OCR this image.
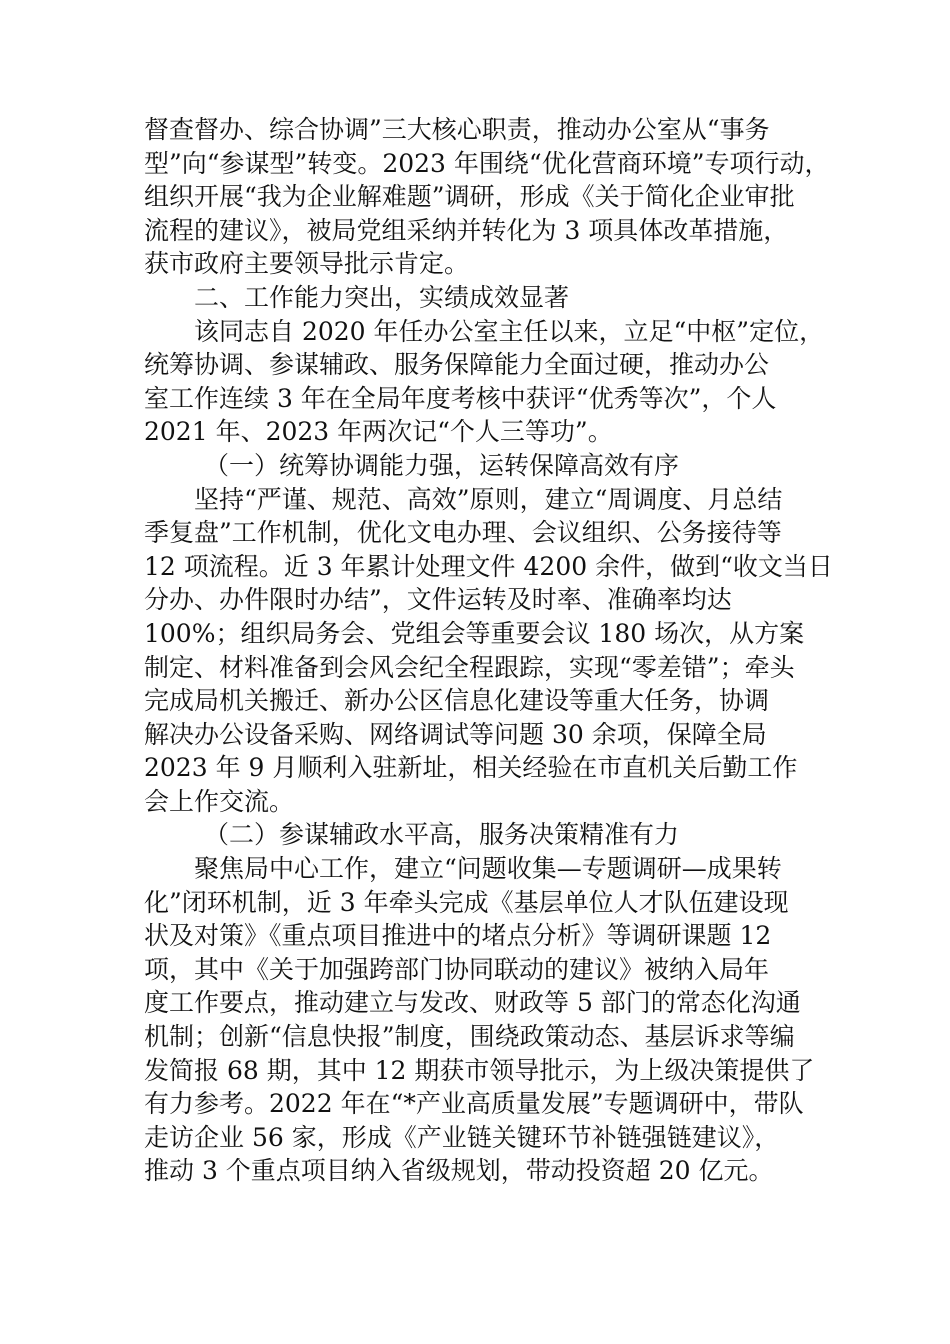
督查督办、综合协调”三大核心职责，推动办公室从“事务
型”向“参谋型”转变。2023 年围绕“优化营商环境”专项行动，
组织开展“我为企业解难题”调研，形成《关于简化企业审批
流程的建议》，被局党组采纳并转化为 3 项具体改革措施，
获市政府主要领导批示肯定。
二、工作能力突出，实绩成效显著
该同志自 2020 年任办公室主任以来，立足“中枢”定位，
统筹协调、参谋辅政、服务保障能力全面过硬，推动办公
室工作连续 3 年在全局年度考核中获评“优秀等次”，个人
2021 年、2023 年两次记“个人三等功”。
（一）统筹协调能力强，运转保障高效有序
坚持“严谨、规范、高效”原则，建立“周调度、月总结
季复盘”工作机制，优化文电办理、会议组织、公务接待等
12 项流程。近 3 年累计处理文件 4200 余件，做到“收文当日
分办、办件限时办结”，文件运转及时率、准确率均达
100%；组织局务会、党组会等重要会议 180 场次，从方案
制定、材料准备到会风会纪全程跟踪，实现“零差错”；牵头
完成局机关搬迁、新办公区信息化建设等重大任务，协调
解决办公设备采购、网络调试等问题 30 余项，保障全局
2023 年 9 月顺利入驻新址，相关经验在市直机关后勤工作
会上作交流。
（二）参谋辅政水平高，服务决策精准有力
聚焦局中心工作，建立“问题收集—专题调研—成果转
化”闭环机制，近 3 年牵头完成《基层单位人才队伍建设现
状及对策》《重点项目推进中的堵点分析》等调研课题 12
项，其中《关于加强跨部门协同联动的建议》被纳入局年
度工作要点，推动建立与发改、财政等 5 部门的常态化沟通
机制；创新“信息快报”制度，围绕政策动态、基层诉求等编
发简报 68 期，其中 12 期获市领导批示，为上级决策提供了
有力参考。2022 年在“*产业高质量发展”专题调研中，带队
走访企业 56 家，形成《产业链关键环节补链强链建议》，
推动 3 个重点项目纳入省级规划，带动投资超 20 亿元。
